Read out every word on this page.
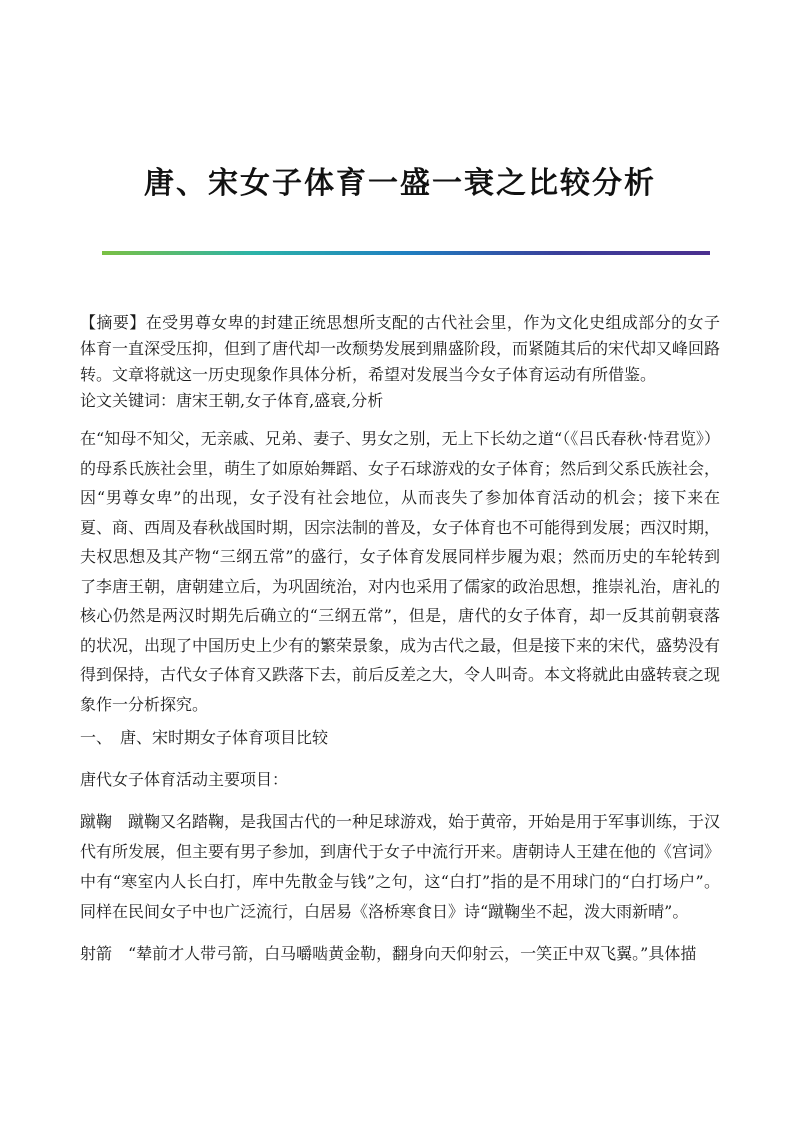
唐、宋女子体育一盛一衰之比较分析

【摘要】在受男尊女卑的封建正统思想所支配的古代社会里，作为文化史组成部分的女子体育一直深受压抑，但到了唐代却一改颓势发展到鼎盛阶段，而紧随其后的宋代却又峰回路转。文章将就这一历史现象作具体分析，希望对发展当今女子体育运动有所借鉴。

论文关键词：唐宋王朝,女子体育,盛衰,分析

在“知母不知父，无亲戚、兄弟、妻子、男女之别，无上下长幼之道“（《吕氏春秋·恃君览》）的母系氏族社会里，萌生了如原始舞蹈、女子石球游戏的女子体育；然后到父系氏族社会，因“男尊女卑”的出现，女子没有社会地位，从而丧失了参加体育活动的机会；接下来在夏、商、西周及春秋战国时期，因宗法制的普及，女子体育也不可能得到发展；西汉时期，夫权思想及其产物“三纲五常”的盛行，女子体育发展同样步履为艰；然而历史的车轮转到了李唐王朝，唐朝建立后，为巩固统治，对内也采用了儒家的政治思想，推崇礼治，唐礼的核心仍然是两汉时期先后确立的“三纲五常”，但是，唐代的女子体育，却一反其前朝衰落的状况，出现了中国历史上少有的繁荣景象，成为古代之最，但是接下来的宋代，盛势没有得到保持，古代女子体育又跌落下去，前后反差之大，令人叫奇。本文将就此由盛转衰之现象作一分析探究。

一、　唐、宋时期女子体育项目比较

唐代女子体育活动主要项目：

蹴鞠　蹴鞠又名踏鞠，是我国古代的一种足球游戏，始于黄帝，开始是用于军事训练，于汉代有所发展，但主要有男子参加，到唐代于女子中流行开来。唐朝诗人王建在他的《宫词》中有“寒室内人长白打，库中先散金与钱”之句，这“白打”指的是不用球门的“白打场户”。同样在民间女子中也广泛流行，白居易《洛桥寒食日》诗“蹴鞠坐不起，泼大雨新晴”。

射箭　“辇前才人带弓箭，白马嚼啮黄金勒，翻身向天仰射云，一笑正中双飞翼。”具体描
